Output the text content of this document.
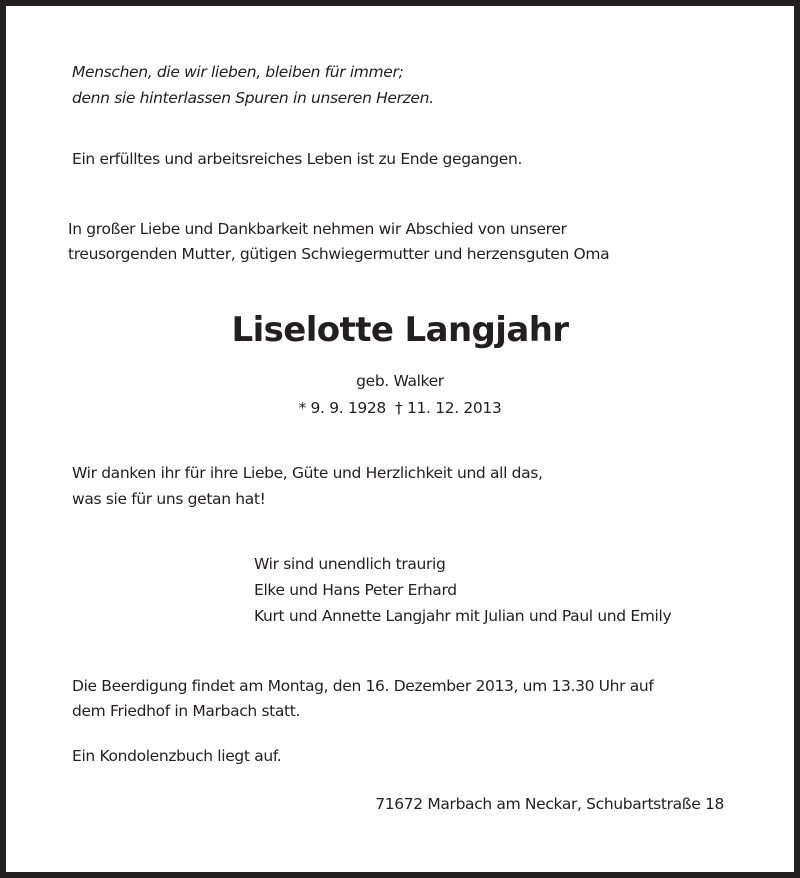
Menschen, die wir lieben, bleiben für immer;
denn sie hinterlassen Spuren in unseren Herzen.
Ein erfülltes und arbeitsreiches Leben ist zu Ende gegangen.
In großer Liebe und Dankbarkeit nehmen wir Abschied von unserer
treusorgenden Mutter, gütigen Schwiegermutter und herzensguten Oma
Liselotte Langjahr
geb. Walker
* 9. 9. 1928  † 11. 12. 2013
Wir danken ihr für ihre Liebe, Güte und Herzlichkeit und all das,
was sie für uns getan hat!
Wir sind unendlich traurig
Elke und Hans Peter Erhard
Kurt und Annette Langjahr mit Julian und Paul und Emily
Die Beerdigung findet am Montag, den 16. Dezember 2013, um 13.30 Uhr auf
dem Friedhof in Marbach statt.
Ein Kondolenzbuch liegt auf.
71672 Marbach am Neckar, Schubartstraße 18
